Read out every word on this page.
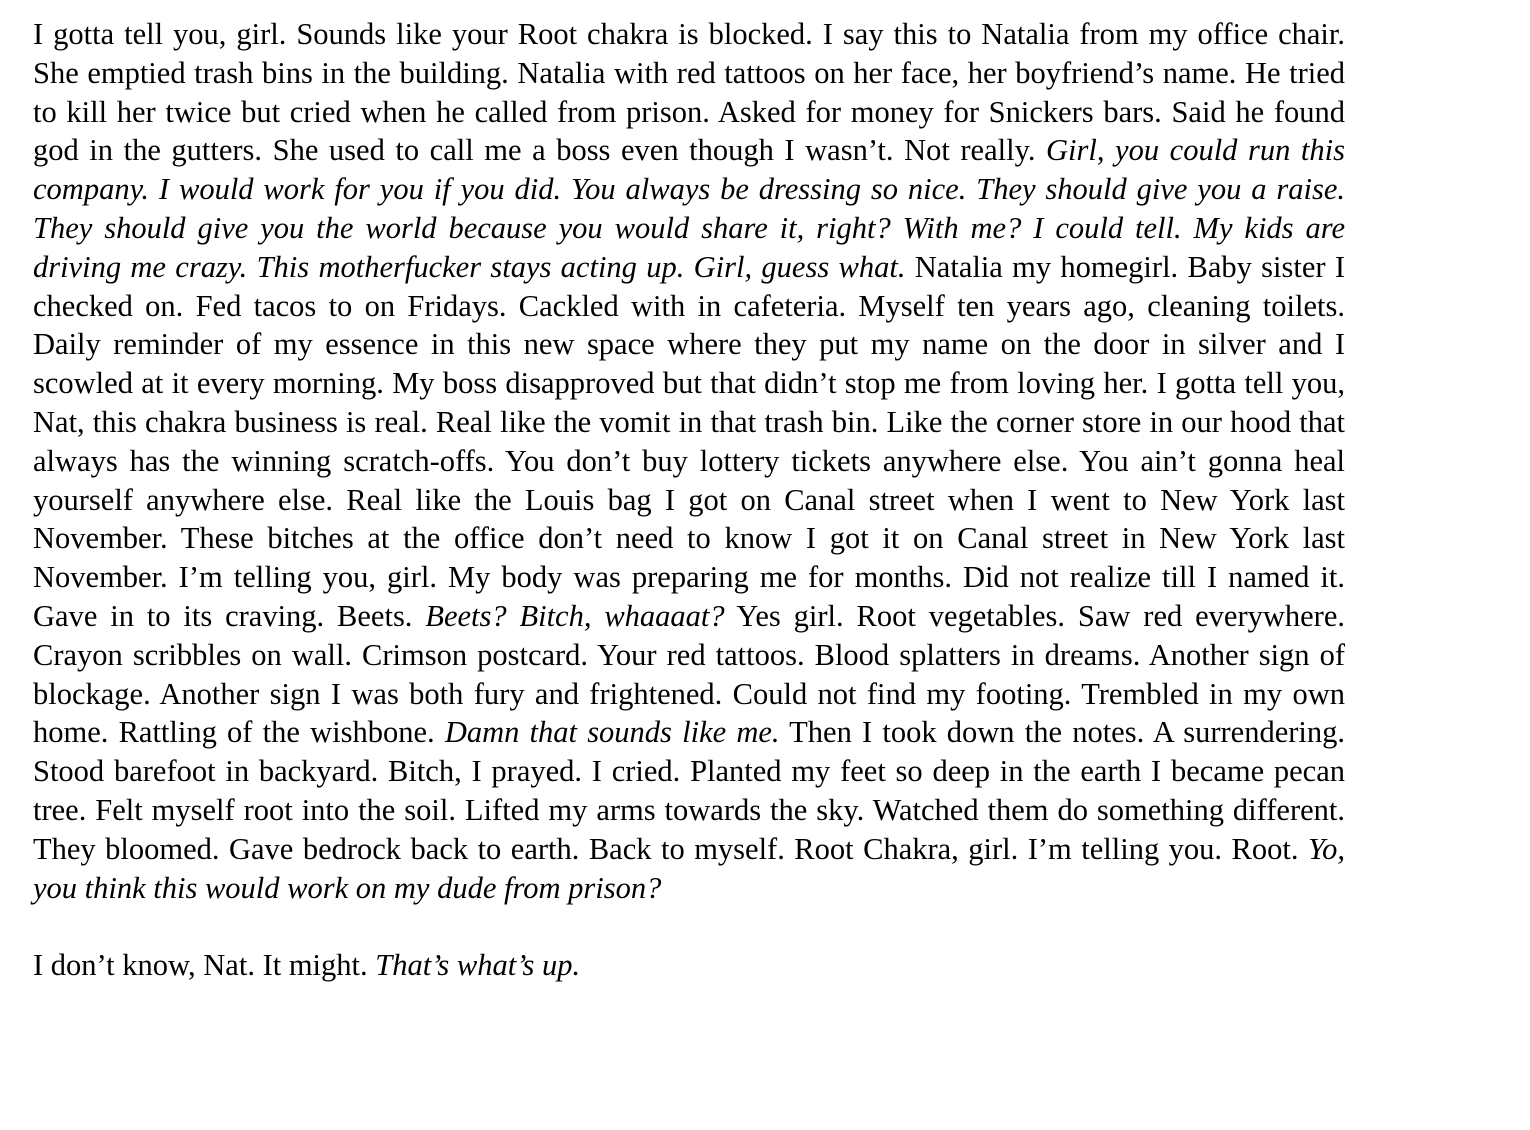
I gotta tell you, girl. Sounds like your Root chakra is blocked. I say this to Natalia from my office chair. She emptied trash bins in the building. Natalia with red tattoos on her face, her boyfriend’s name. He tried to kill her twice but cried when he called from prison. Asked for money for Snickers bars. Said he found god in the gutters. She used to call me a boss even though I wasn’t. Not really. Girl, you could run this company. I would work for you if you did. You always be dressing so nice. They should give you a raise. They should give you the world because you would share it, right? With me? I could tell. My kids are driving me crazy. This motherfucker stays acting up. Girl, guess what. Natalia my homegirl. Baby sister I checked on. Fed tacos to on Fridays. Cackled with in cafeteria. Myself ten years ago, cleaning toilets. Daily reminder of my essence in this new space where they put my name on the door in silver and I scowled at it every morning. My boss disapproved but that didn’t stop me from loving her. I gotta tell you, Nat, this chakra business is real. Real like the vomit in that trash bin. Like the corner store in our hood that always has the winning scratch-offs. You don’t buy lottery tickets anywhere else. You ain’t gonna heal yourself anywhere else. Real like the Louis bag I got on Canal street when I went to New York last November. These bitches at the office don’t need to know I got it on Canal street in New York last November. I’m telling you, girl. My body was preparing me for months. Did not realize till I named it. Gave in to its craving. Beets. Beets? Bitch, whaaaat? Yes girl. Root vegetables. Saw red everywhere. Crayon scribbles on wall. Crimson postcard. Your red tattoos. Blood splatters in dreams. Another sign of blockage. Another sign I was both fury and frightened. Could not find my footing. Trembled in my own home. Rattling of the wishbone. Damn that sounds like me. Then I took down the notes. A surrendering. Stood barefoot in backyard. Bitch, I prayed. I cried. Planted my feet so deep in the earth I became pecan tree. Felt myself root into the soil. Lifted my arms towards the sky. Watched them do something different. They bloomed. Gave bedrock back to earth. Back to myself. Root Chakra, girl. I’m telling you. Root. Yo, you think this would work on my dude from prison?

I don’t know, Nat. It might. That’s what’s up.
